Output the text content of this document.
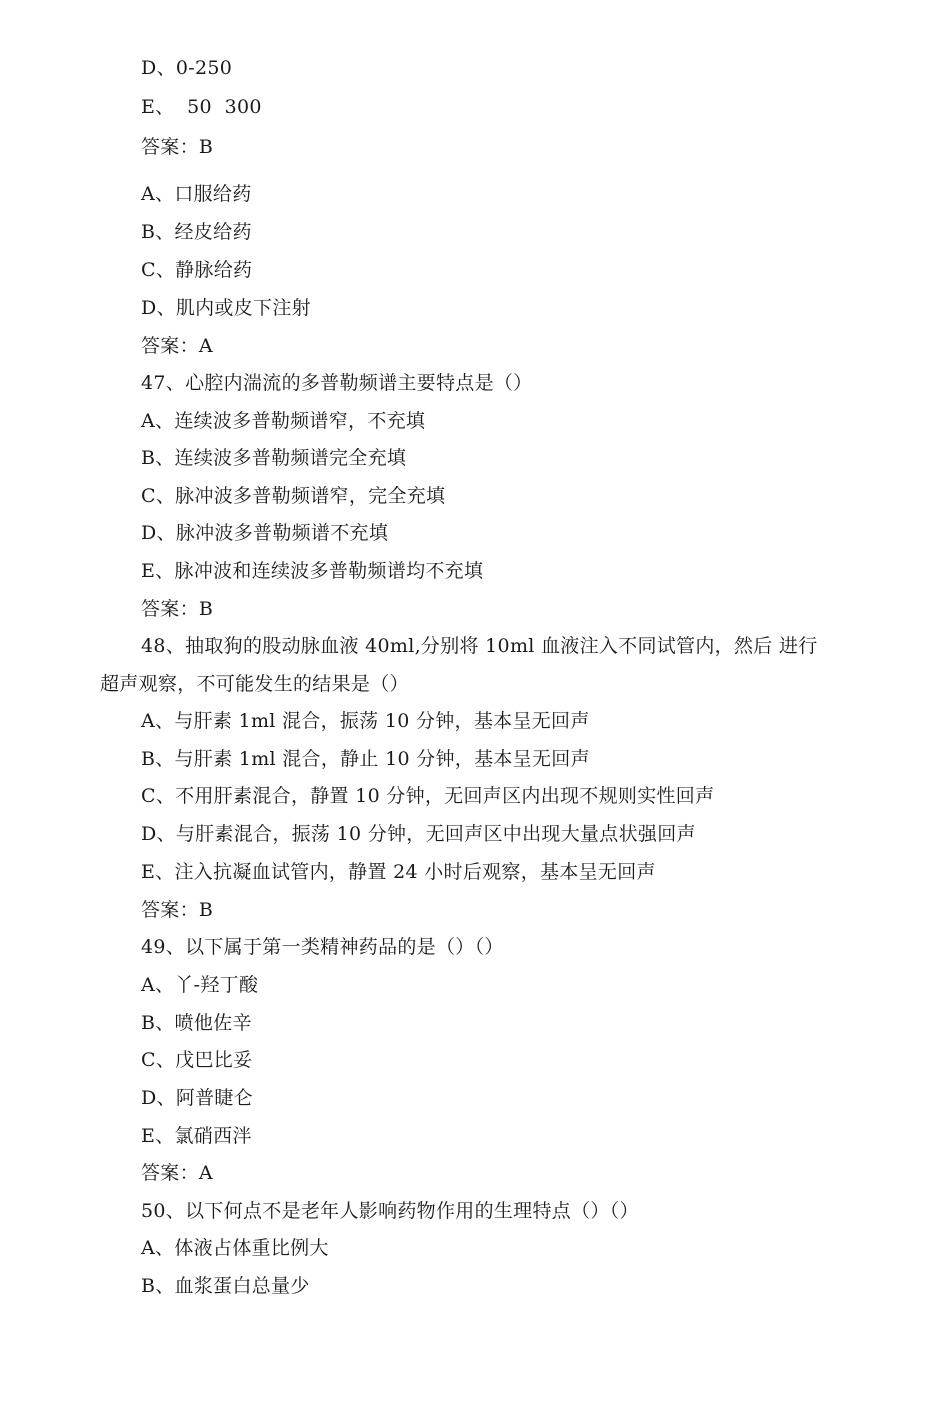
D、0-250
E、  50  300
答案：B
A、口服给药
B、经皮给药
C、静脉给药
D、肌内或皮下注射
答案：A
47、心腔内湍流的多普勒频谱主要特点是（）
A、连续波多普勒频谱窄，不充填
B、连续波多普勒频谱完全充填
C、脉冲波多普勒频谱窄，完全充填
D、脉冲波多普勒频谱不充填
E、脉冲波和连续波多普勒频谱均不充填
答案：B
48、抽取狗的股动脉血液 40ml,分别将 10ml 血液注入不同试管内，然后 进行
超声观察，不可能发生的结果是（）
A、与肝素 1ml 混合，振荡 10 分钟，基本呈无回声
B、与肝素 1ml 混合，静止 10 分钟，基本呈无回声
C、不用肝素混合，静置 10 分钟，无回声区内出现不规则实性回声
D、与肝素混合，振荡 10 分钟，无回声区中出现大量点状强回声
E、注入抗凝血试管内，静置 24 小时后观察，基本呈无回声
答案：B
49、以下属于第一类精神药品的是（）（）
A、丫-羟丁酸
B、喷他佐辛
C、戊巴比妥
D、阿普睫仑
E、氯硝西泮
答案：A
50、以下何点不是老年人影响药物作用的生理特点（）（）
A、体液占体重比例大
B、血浆蛋白总量少
